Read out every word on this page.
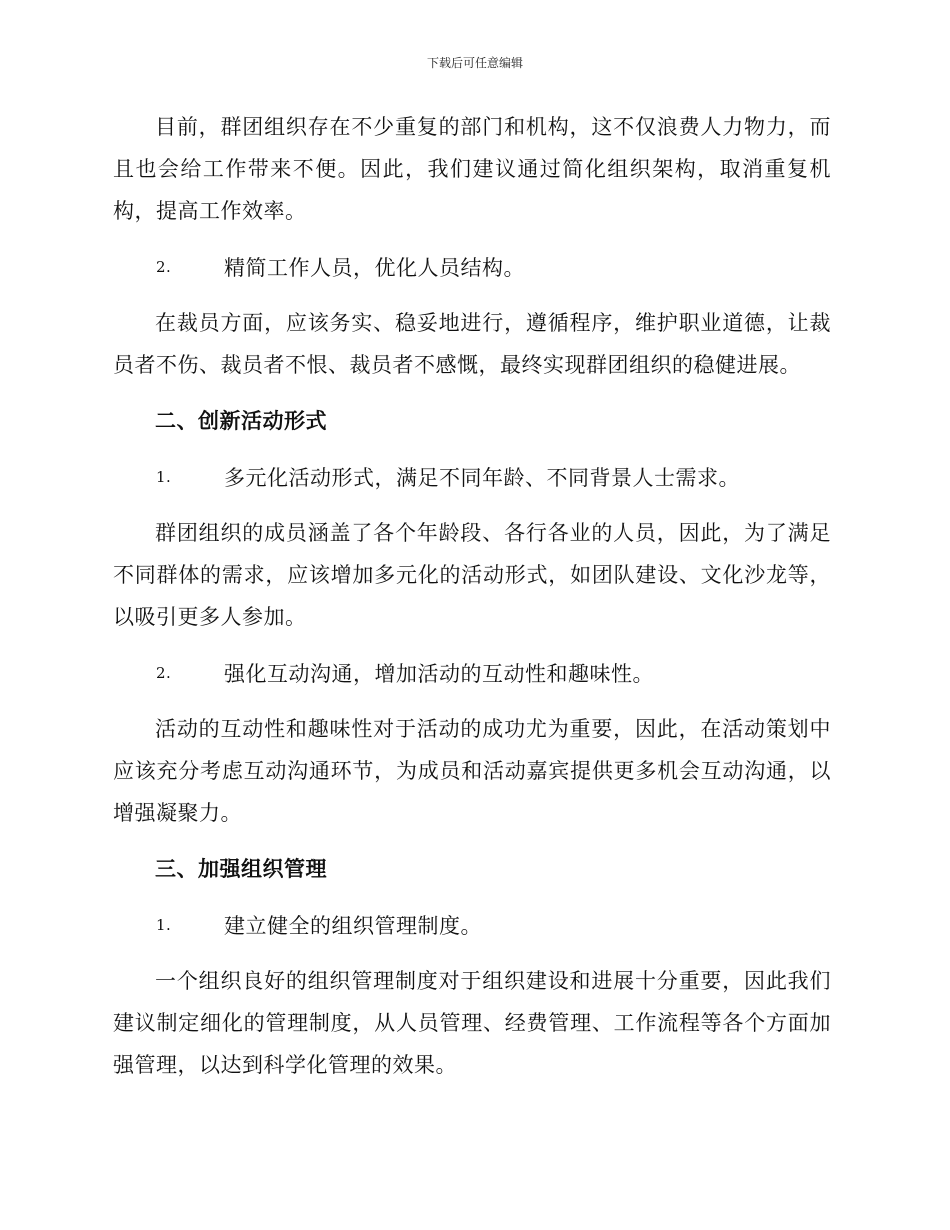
下载后可任意编辑

目前，群团组织存在不少重复的部门和机构，这不仅浪费人力物力，而且也会给工作带来不便。因此，我们建议通过简化组织架构，取消重复机构，提高工作效率。

2.	精简工作人员，优化人员结构。

在裁员方面，应该务实、稳妥地进行，遵循程序，维护职业道德，让裁员者不伤、裁员者不恨、裁员者不感慨，最终实现群团组织的稳健进展。

二、创新活动形式
1.	多元化活动形式，满足不同年龄、不同背景人士需求。

群团组织的成员涵盖了各个年龄段、各行各业的人员，因此，为了满足不同群体的需求，应该增加多元化的活动形式，如团队建设、文化沙龙等，以吸引更多人参加。

2.	强化互动沟通，增加活动的互动性和趣味性。

活动的互动性和趣味性对于活动的成功尤为重要，因此，在活动策划中应该充分考虑互动沟通环节，为成员和活动嘉宾提供更多机会互动沟通，以增强凝聚力。

三、加强组织管理
1.	建立健全的组织管理制度。

一个组织良好的组织管理制度对于组织建设和进展十分重要，因此我们建议制定细化的管理制度，从人员管理、经费管理、工作流程等各个方面加强管理，以达到科学化管理的效果。
